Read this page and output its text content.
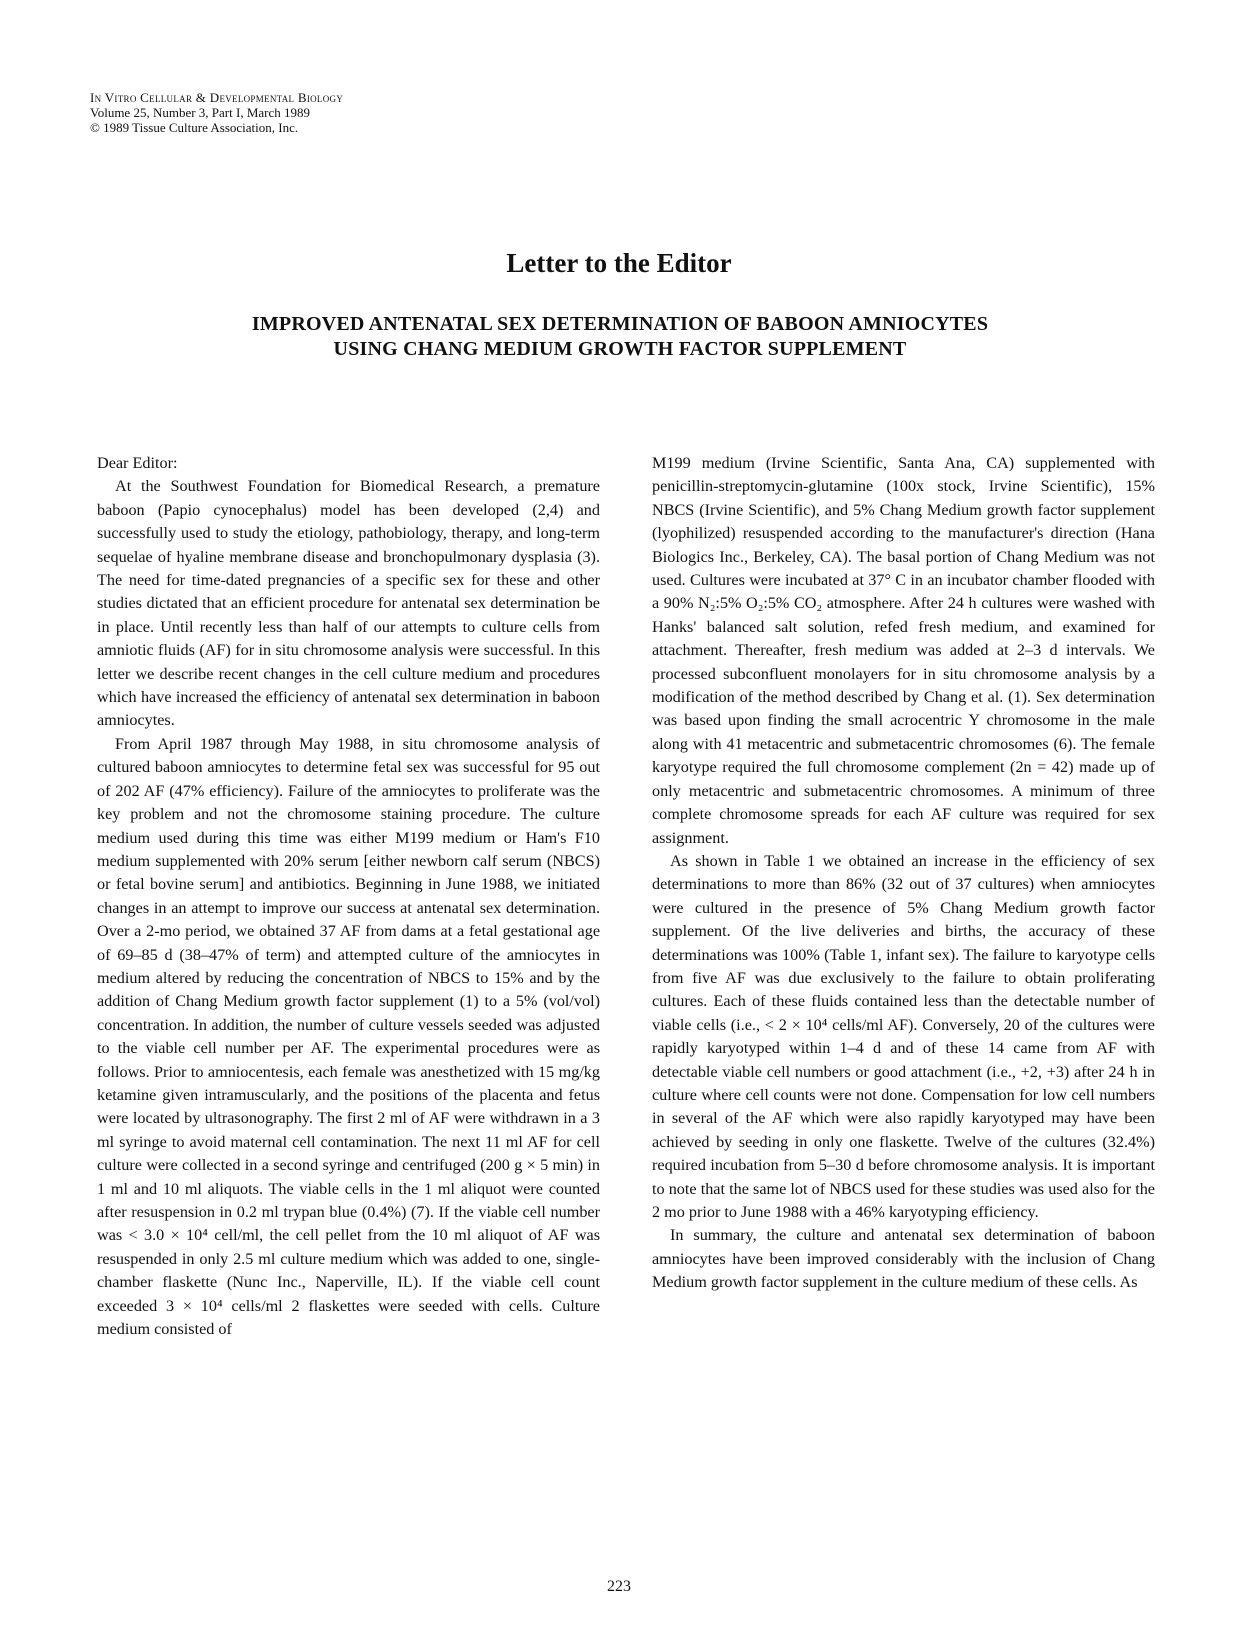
In Vitro Cellular & Developmental Biology
Volume 25, Number 3, Part I, March 1989
© 1989 Tissue Culture Association, Inc.
Letter to the Editor
IMPROVED ANTENATAL SEX DETERMINATION OF BABOON AMNIOCYTES
USING CHANG MEDIUM GROWTH FACTOR SUPPLEMENT

Dear Editor:

At the Southwest Foundation for Biomedical Research, a premature baboon (Papio cynocephalus) model has been developed (2,4) and successfully used to study the etiology, pathobiology, therapy, and long-term sequelae of hyaline membrane disease and bronchopulmonary dysplasia (3). The need for time-dated pregnancies of a specific sex for these and other studies dictated that an efficient procedure for antenatal sex determination be in place. Until recently less than half of our attempts to culture cells from amniotic fluids (AF) for in situ chromosome analysis were successful. In this letter we describe recent changes in the cell culture medium and procedures which have increased the efficiency of antenatal sex determination in baboon amniocytes.

From April 1987 through May 1988, in situ chromosome analysis of cultured baboon amniocytes to determine fetal sex was successful for 95 out of 202 AF (47% efficiency). Failure of the amniocytes to proliferate was the key problem and not the chromosome staining procedure. The culture medium used during this time was either M199 medium or Ham's F10 medium supplemented with 20% serum [either newborn calf serum (NBCS) or fetal bovine serum] and antibiotics. Beginning in June 1988, we initiated changes in an attempt to improve our success at antenatal sex determination. Over a 2-mo period, we obtained 37 AF from dams at a fetal gestational age of 69–85 d (38–47% of term) and attempted culture of the amniocytes in medium altered by reducing the concentration of NBCS to 15% and by the addition of Chang Medium growth factor supplement (1) to a 5% (vol/vol) concentration. In addition, the number of culture vessels seeded was adjusted to the viable cell number per AF. The experimental procedures were as follows. Prior to amniocentesis, each female was anesthetized with 15 mg/kg ketamine given intramuscularly, and the positions of the placenta and fetus were located by ultrasonography. The first 2 ml of AF were withdrawn in a 3 ml syringe to avoid maternal cell contamination. The next 11 ml AF for cell culture were collected in a second syringe and centrifuged (200 g × 5 min) in 1 ml and 10 ml aliquots. The viable cells in the 1 ml aliquot were counted after resuspension in 0.2 ml trypan blue (0.4%) (7). If the viable cell number was < 3.0 × 10⁴ cell/ml, the cell pellet from the 10 ml aliquot of AF was resuspended in only 2.5 ml culture medium which was added to one, single-chamber flaskette (Nunc Inc., Naperville, IL). If the viable cell count exceeded 3 × 10⁴ cells/ml 2 flaskettes were seeded with cells. Culture medium consisted of

M199 medium (Irvine Scientific, Santa Ana, CA) supplemented with penicillin-streptomycin-glutamine (100x stock, Irvine Scientific), 15% NBCS (Irvine Scientific), and 5% Chang Medium growth factor supplement (lyophilized) resuspended according to the manufacturer's direction (Hana Biologics Inc., Berkeley, CA). The basal portion of Chang Medium was not used. Cultures were incubated at 37° C in an incubator chamber flooded with a 90% N₂:5% O₂:5% CO₂ atmosphere. After 24 h cultures were washed with Hanks' balanced salt solution, refed fresh medium, and examined for attachment. Thereafter, fresh medium was added at 2–3 d intervals. We processed subconfluent monolayers for in situ chromosome analysis by a modification of the method described by Chang et al. (1). Sex determination was based upon finding the small acrocentric Y chromosome in the male along with 41 metacentric and submetacentric chromosomes (6). The female karyotype required the full chromosome complement (2n = 42) made up of only metacentric and submetacentric chromosomes. A minimum of three complete chromosome spreads for each AF culture was required for sex assignment.

As shown in Table 1 we obtained an increase in the efficiency of sex determinations to more than 86% (32 out of 37 cultures) when amniocytes were cultured in the presence of 5% Chang Medium growth factor supplement. Of the live deliveries and births, the accuracy of these determinations was 100% (Table 1, infant sex). The failure to karyotype cells from five AF was due exclusively to the failure to obtain proliferating cultures. Each of these fluids contained less than the detectable number of viable cells (i.e., < 2 × 10⁴ cells/ml AF). Conversely, 20 of the cultures were rapidly karyotyped within 1–4 d and of these 14 came from AF with detectable viable cell numbers or good attachment (i.e., +2, +3) after 24 h in culture where cell counts were not done. Compensation for low cell numbers in several of the AF which were also rapidly karyotyped may have been achieved by seeding in only one flaskette. Twelve of the cultures (32.4%) required incubation from 5–30 d before chromosome analysis. It is important to note that the same lot of NBCS used for these studies was used also for the 2 mo prior to June 1988 with a 46% karyotyping efficiency.

In summary, the culture and antenatal sex determination of baboon amniocytes have been improved considerably with the inclusion of Chang Medium growth factor supplement in the culture medium of these cells. As

223
